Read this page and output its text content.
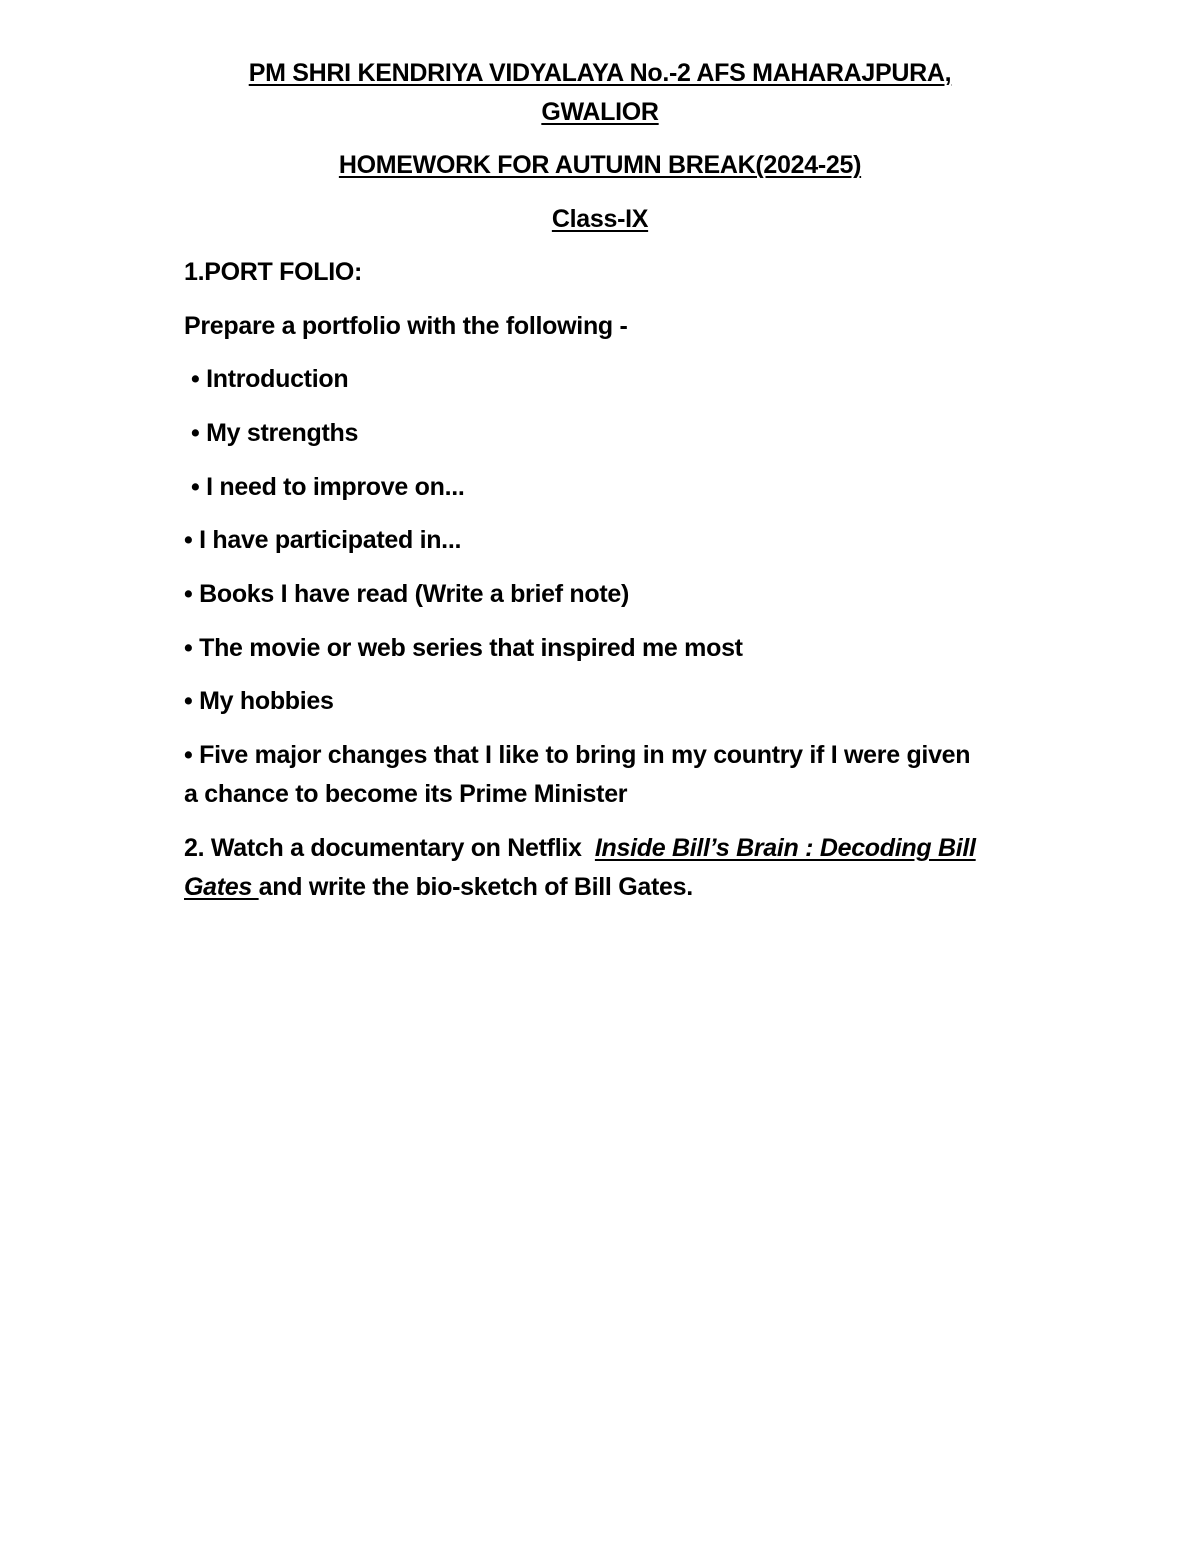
PM SHRI KENDRIYA VIDYALAYA No.-2 AFS MAHARAJPURA,

GWALIOR

HOMEWORK FOR AUTUMN BREAK(2024-25)

Class-IX

1.PORT FOLIO:

Prepare a portfolio with the following -

• Introduction

• My strengths

• I need to improve on...

• I have participated in...

• Books I have read (Write a brief note)

• The movie or web series that inspired me most

• My hobbies

• Five major changes that I like to bring in my country if I were given

a chance to become its Prime Minister

2. Watch a documentary on Netflix Inside Bill’s Brain : Decoding Bill

Gates and write the bio-sketch of Bill Gates.
